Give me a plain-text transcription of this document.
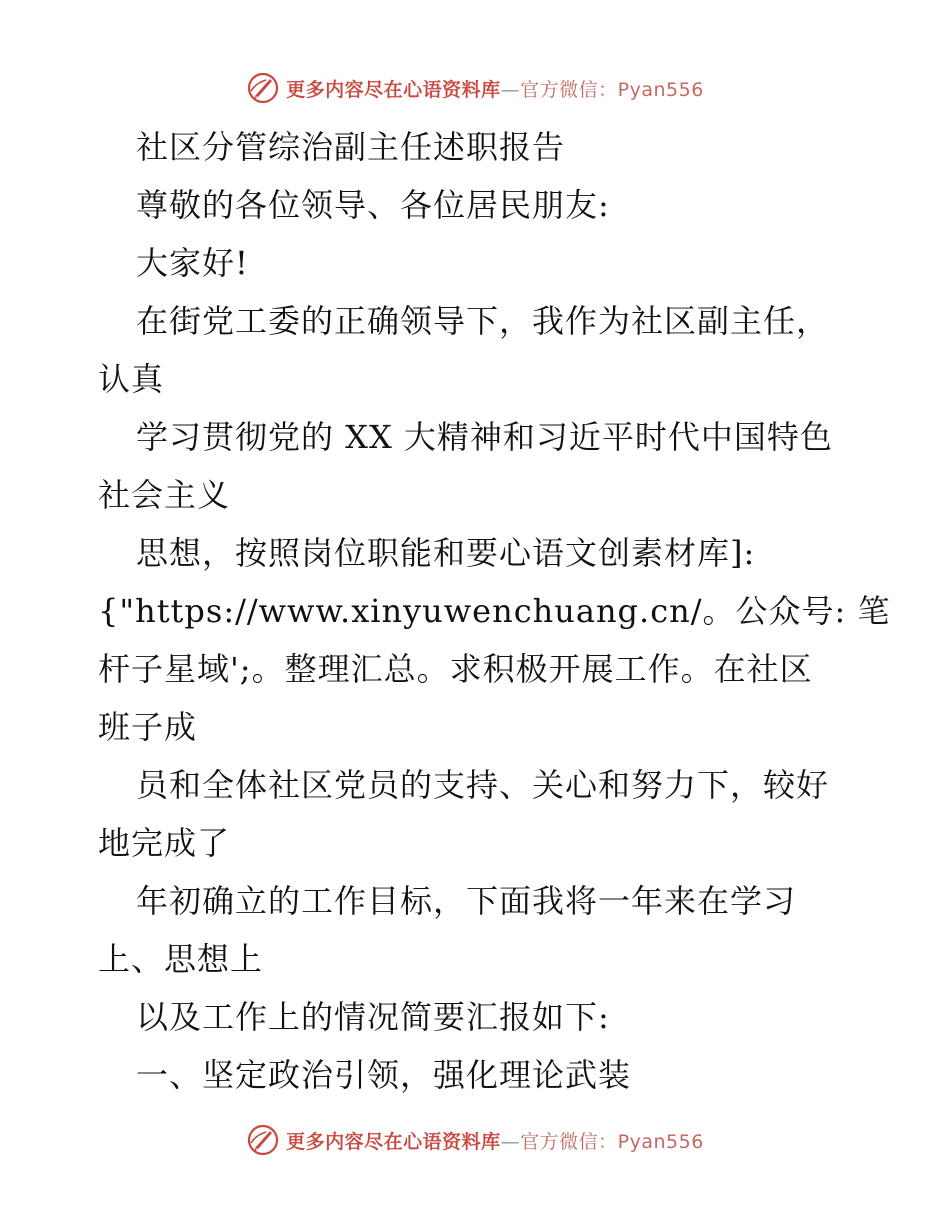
更多内容尽在心语资料库—官方微信：Pyan556
社区分管综治副主任述职报告
尊敬的各位领导、各位居民朋友:
大家好!
在街党工委的正确领导下，我作为社区副主任，
认真
学习贯彻党的 XX 大精神和习近平时代中国特色
社会主义
思想，按照岗位职能和要心语文创素材库]:
{"https://www.xinyuwenchuang.cn/。公众号: 笔
杆子星域';。整理汇总。求积极开展工作。在社区
班子成
员和全体社区党员的支持、关心和努力下，较好
地完成了
年初确立的工作目标，下面我将一年来在学习
上、思想上
以及工作上的情况简要汇报如下:
一、坚定政治引领，强化理论武装
更多内容尽在心语资料库—官方微信：Pyan556
